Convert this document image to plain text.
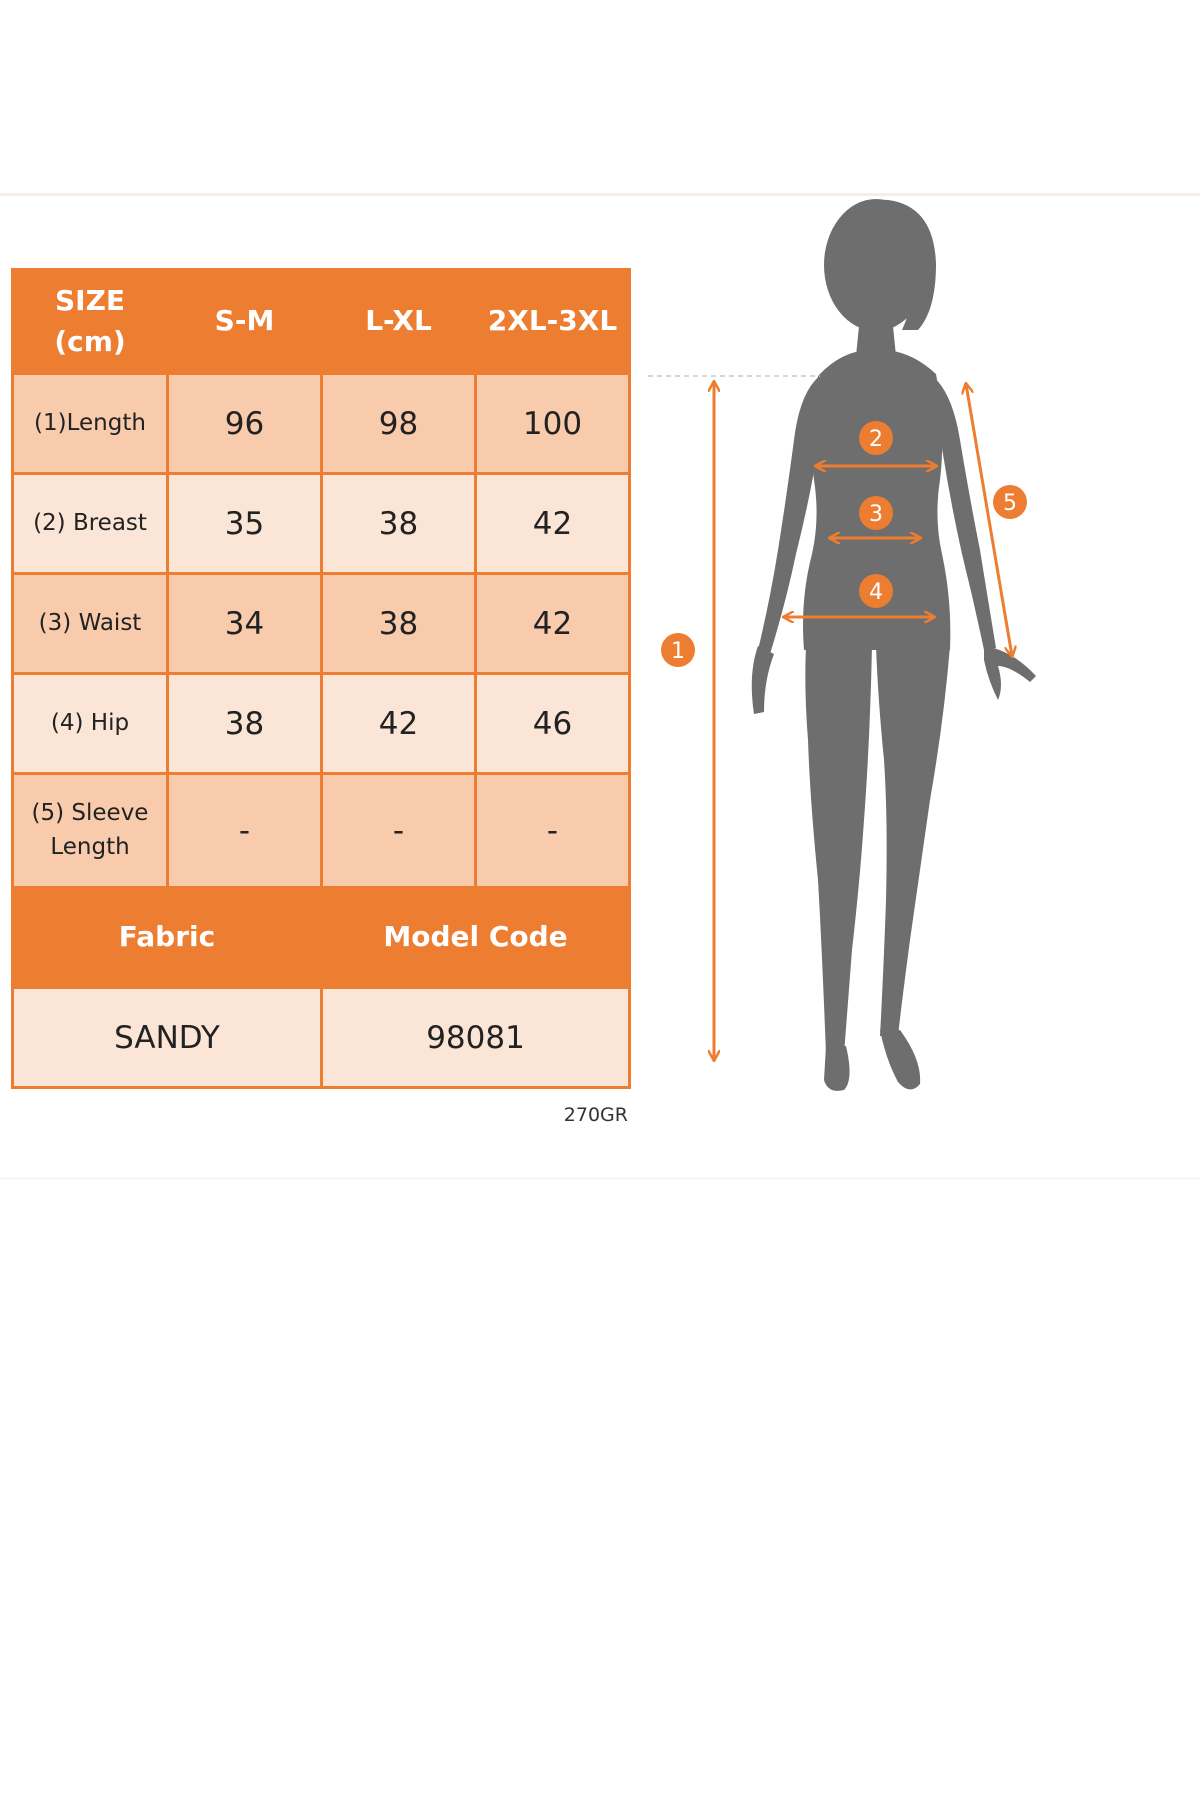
SIZE
(cm)	S-M	L-XL	2XL-3XL
(1)Length	96	98	100
(2) Breast	35	38	42
(3) Waist	34	38	42
(4) Hip	38	42	46

(5) Sleeve
Length	-	-	-
Fabric		Model Code	
SANDY		98081	
270GR
1
2
3
4
5
